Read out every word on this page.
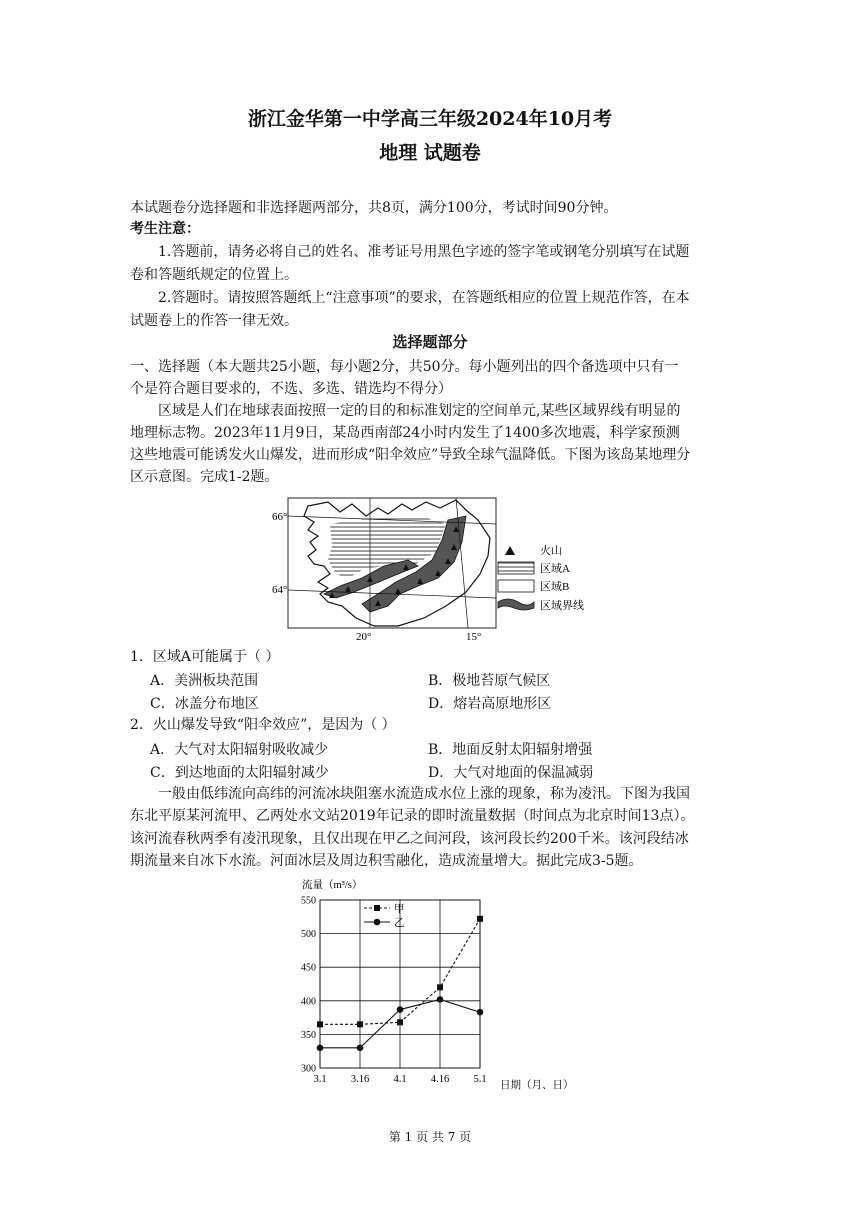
浙江金华第一中学高三年级2024年10月考
地理 试题卷
本试题卷分选择题和非选择题两部分，共8页，满分100分，考试时间90分钟。
考生注意：
1.答题前，请务必将自己的姓名、准考证号用黑色字迹的签字笔或钢笔分别填写在试题
卷和答题纸规定的位置上。
2.答题时。请按照答题纸上“注意事项”的要求，在答题纸相应的位置上规范作答，在本
试题卷上的作答一律无效。
选择题部分
一、选择题（本大题共25小题，每小题2分，共50分。每小题列出的四个备选项中只有一
个是符合题目要求的，不选、多选、错选均不得分）
区域是人们在地球表面按照一定的目的和标准划定的空间单元,某些区域界线有明显的
地理标志物。2023年11月9日，某岛西南部24小时内发生了1400多次地震，科学家预测
这些地震可能诱发火山爆发，进而形成“阳伞效应”导致全球气温降低。下图为该岛某地理分
区示意图。完成1-2题。
66°
64°
20°	15°
火山
区域A
区域B
区域界线
1．区域A可能属于（ ）
A．美洲板块范围	B．极地苔原气候区
C．冰盖分布地区	D．熔岩高原地形区
2．火山爆发导致“阳伞效应”，是因为（ ）
A．大气对太阳辐射吸收减少	B．地面反射太阳辐射增强
C．到达地面的太阳辐射减少	D．大气对地面的保温减弱
一般由低纬流向高纬的河流冰块阻塞水流造成水位上涨的现象，称为凌汛。下图为我国
东北平原某河流甲、乙两处水文站2019年记录的即时流量数据（时间点为北京时间13点）。
该河流春秋两季有凌汛现象，且仅出现在甲乙之间河段，该河段长约200千米。该河段结冰
期流量来自冰下水流。河面冰层及周边积雪融化，造成流量增大。据此完成3-5题。
流量（m³/s）
300
350
400
450
500
550
3.1 3.16 4.1 4.16 5.1
甲
乙
日期（月、日）
第 1 页 共 7 页
